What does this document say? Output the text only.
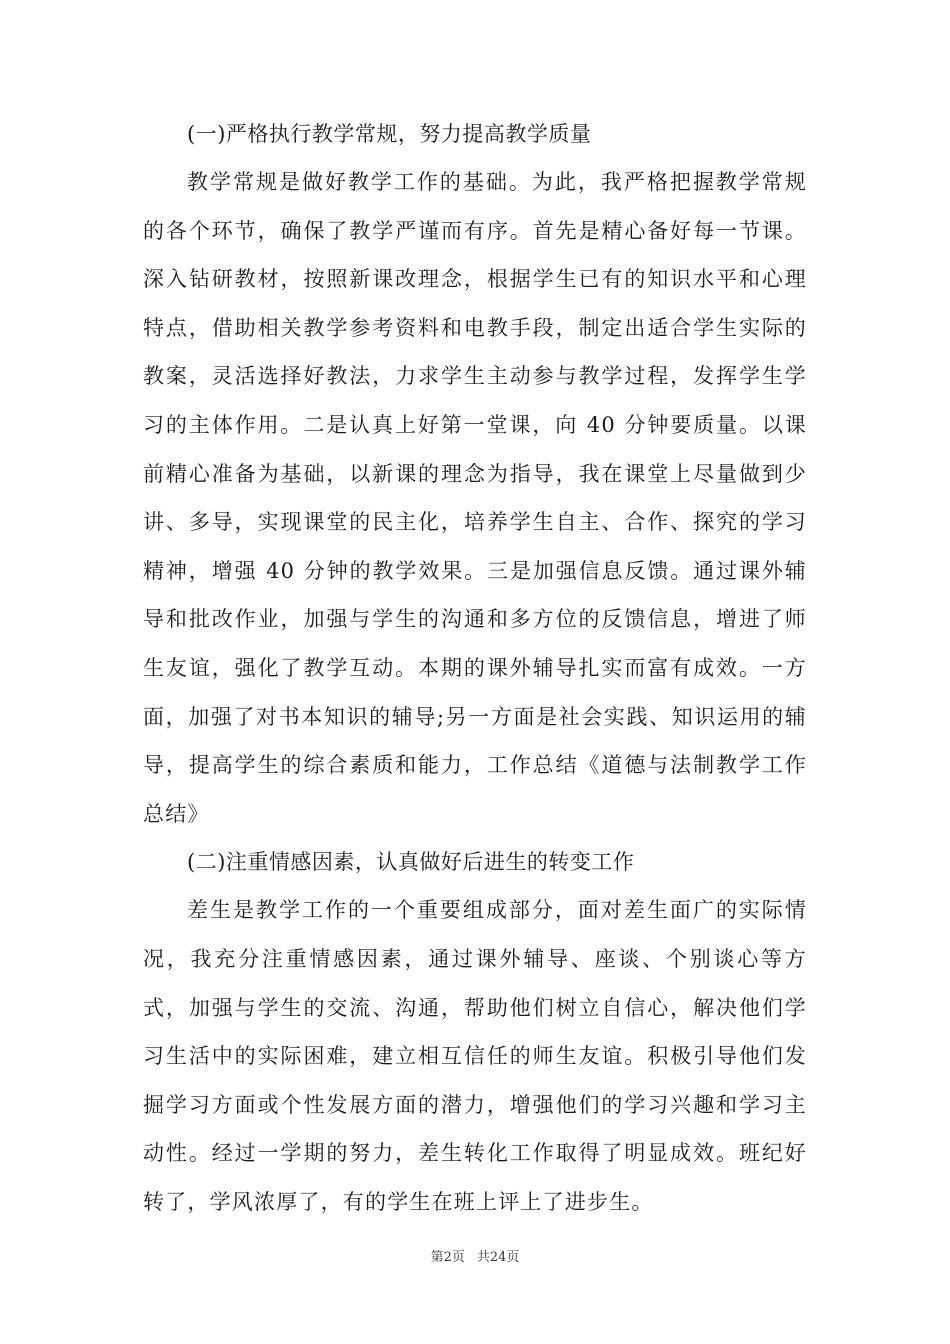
(一)严格执行教学常规，努力提高教学质量

教学常规是做好教学工作的基础。为此，我严格把握教学常规的各个环节，确保了教学严谨而有序。首先是精心备好每一节课。深入钻研教材，按照新课改理念，根据学生已有的知识水平和心理特点，借助相关教学参考资料和电教手段，制定出适合学生实际的教案，灵活选择好教法，力求学生主动参与教学过程，发挥学生学习的主体作用。二是认真上好第一堂课，向 40 分钟要质量。以课前精心准备为基础，以新课的理念为指导，我在课堂上尽量做到少讲、多导，实现课堂的民主化，培养学生自主、合作、探究的学习精神，增强 40 分钟的教学效果。三是加强信息反馈。通过课外辅导和批改作业，加强与学生的沟通和多方位的反馈信息，增进了师生友谊，强化了教学互动。本期的课外辅导扎实而富有成效。一方面，加强了对书本知识的辅导;另一方面是社会实践、知识运用的辅导，提高学生的综合素质和能力，工作总结《道德与法制教学工作总结》

(二)注重情感因素，认真做好后进生的转变工作

差生是教学工作的一个重要组成部分，面对差生面广的实际情况，我充分注重情感因素，通过课外辅导、座谈、个别谈心等方式，加强与学生的交流、沟通，帮助他们树立自信心，解决他们学习生活中的实际困难，建立相互信任的师生友谊。积极引导他们发掘学习方面或个性发展方面的潜力，增强他们的学习兴趣和学习主动性。经过一学期的努力，差生转化工作取得了明显成效。班纪好转了，学风浓厚了，有的学生在班上评上了进步生。

第2页 共24页
